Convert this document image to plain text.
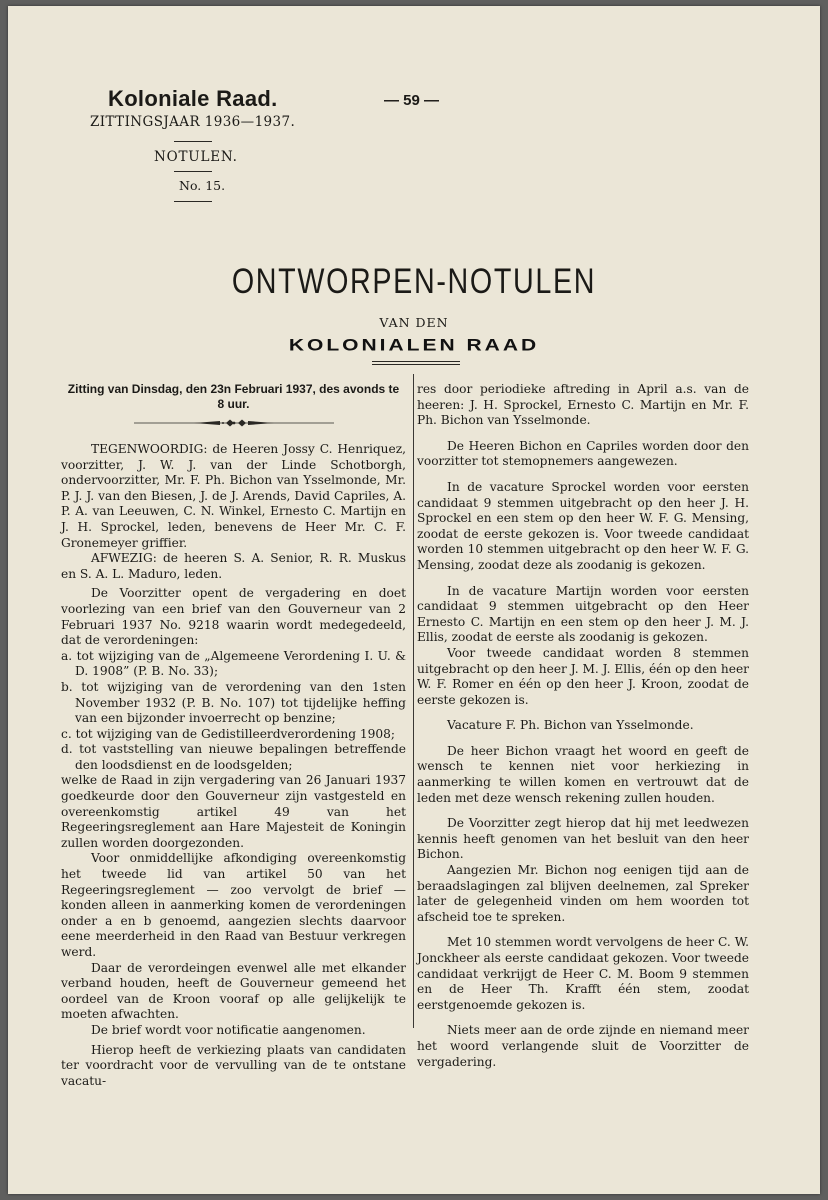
Koloniale Raad.
ZITTINGSJAAR 1936—1937.
— 59 —
NOTULEN.
No. 15.
ONTWORPEN-NOTULEN
VAN DEN
KOLONIALEN RAAD
Zitting van Dinsdag, den 23n Februari 1937, des avonds te 8 uur.

TEGENWOORDIG: de Heeren Jossy C. Henriquez, voorzitter, J. W. J. van der Linde Schotborgh, ondervoorzitter, Mr. F. Ph. Bichon van Ysselmonde, Mr. P. J. J. van den Biesen, J. de J. Arends, David Capriles, A. P. A. van Leeuwen, C. N. Winkel, Ernesto C. Martijn en J. H. Sprockel, leden, benevens de Heer Mr. C. F. Gronemeyer griffier.

AFWEZIG: de heeren S. A. Senior, R. R. Muskus en S. A. L. Maduro, leden.

De Voorzitter opent de vergadering en doet voorlezing van een brief van den Gouverneur van 2 Februari 1937 No. 9218 waarin wordt medegedeeld, dat de verordeningen:

a. tot wijziging van de „Algemeene Verordening I. U. & D. 1908” (P. B. No. 33);

b. tot wijziging van de verordening van den 1sten November 1932 (P. B. No. 107) tot tijdelijke heffing van een bijzonder invoerrecht op benzine;

c. tot wijziging van de Gedistilleerdverordening 1908;

d. tot vaststelling van nieuwe bepalingen betreffende den loodsdienst en de loodsgelden;

welke de Raad in zijn vergadering van 26 Januari 1937 goedkeurde door den Gouverneur zijn vastgesteld en overeenkomstig artikel 49 van het Regeeringsreglement aan Hare Majesteit de Koningin zullen worden doorgezonden.

Voor onmiddellijke afkondiging overeenkomstig het tweede lid van artikel 50 van het Regeeringsreglement — zoo vervolgt de brief — konden alleen in aanmerking komen de verordeningen onder a en b genoemd, aangezien slechts daarvoor eene meerderheid in den Raad van Bestuur verkregen werd.

Daar de verordeingen evenwel alle met elkander verband houden, heeft de Gouverneur gemeend het oordeel van de Kroon vooraf op alle gelijkelijk te moeten afwachten.

De brief wordt voor notificatie aangenomen.

Hierop heeft de verkiezing plaats van candidaten ter voordracht voor de vervulling van de te ontstane vacatu-

res door periodieke aftreding in April a.s. van de heeren: J. H. Sprockel, Ernesto C. Martijn en Mr. F. Ph. Bichon van Ysselmonde.

De Heeren Bichon en Capriles worden door den voorzitter tot stemopnemers aangewezen.

In de vacature Sprockel worden voor eersten candidaat 9 stemmen uitgebracht op den heer J. H. Sprockel en een stem op den heer W. F. G. Mensing, zoodat de eerste gekozen is. Voor tweede candidaat worden 10 stemmen uitgebracht op den heer W. F. G. Mensing, zoodat deze als zoodanig is gekozen.

In de vacature Martijn worden voor eersten candidaat 9 stemmen uitgebracht op den Heer Ernesto C. Martijn en een stem op den heer J. M. J. Ellis, zoodat de eerste als zoodanig is gekozen.

Voor tweede candidaat worden 8 stemmen uitgebracht op den heer J. M. J. Ellis, één op den heer W. F. Romer en één op den heer J. Kroon, zoodat de eerste gekozen is.

Vacature F. Ph. Bichon van Ysselmonde.

De heer Bichon vraagt het woord en geeft de wensch te kennen niet voor herkiezing in aanmerking te willen komen en vertrouwt dat de leden met deze wensch rekening zullen houden.

De Voorzitter zegt hierop dat hij met leedwezen kennis heeft genomen van het besluit van den heer Bichon.

Aangezien Mr. Bichon nog eenigen tijd aan de beraadslagingen zal blijven deelnemen, zal Spreker later de gelegenheid vinden om hem woorden tot afscheid toe te spreken.

Met 10 stemmen wordt vervolgens de heer C. W. Jonckheer als eerste candidaat gekozen. Voor tweede candidaat verkrijgt de Heer C. M. Boom 9 stemmen en de Heer Th. Krafft één stem, zoodat eerstgenoemde gekozen is.

Niets meer aan de orde zijnde en niemand meer het woord verlangende sluit de Voorzitter de vergadering.
